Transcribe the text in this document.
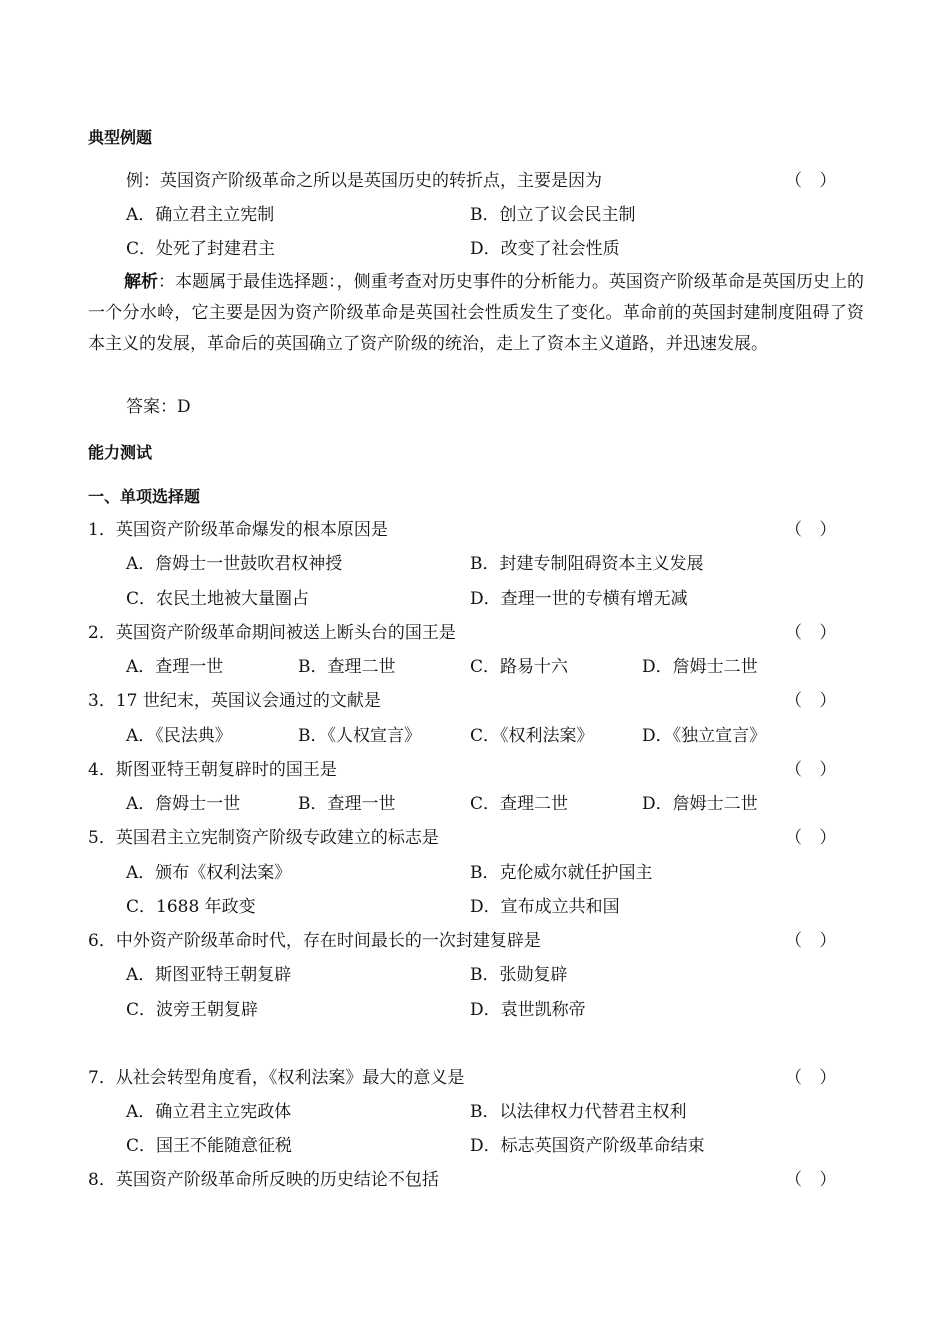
典型例题
例：英国资产阶级革命之所以是英国历史的转折点，主要是因为	（ ）
A．确立君主立宪制	B．创立了议会民主制
C．处死了封建君主	D．改变了社会性质
解析：本题属于最佳选择题：，侧重考查对历史事件的分析能力。英国资产阶级革命是英国历史上的一个分水岭，它主要是因为资产阶级革命是英国社会性质发生了变化。革命前的英国封建制度阻碍了资本主义的发展，革命后的英国确立了资产阶级的统治，走上了资本主义道路，并迅速发展。
答案：D
能力测试
一、单项选择题
1．英国资产阶级革命爆发的根本原因是	（ ）
A．詹姆士一世鼓吹君权神授	B．封建专制阻碍资本主义发展
C．农民土地被大量圈占	D．查理一世的专横有增无减
2．英国资产阶级革命期间被送上断头台的国王是	（ ）
A．查理一世	B．查理二世	C．路易十六	D．詹姆士二世
3．17 世纪末，英国议会通过的文献是	（ ）
A．《民法典》	B．《人权宣言》	C．《权利法案》	D．《独立宣言》
4．斯图亚特王朝复辟时的国王是	（ ）
A．詹姆士一世	B．查理一世	C．查理二世	D．詹姆士二世
5．英国君主立宪制资产阶级专政建立的标志是	（ ）
A．颁布《权利法案》	B．克伦威尔就任护国主
C．1688 年政变	D．宣布成立共和国
6．中外资产阶级革命时代，存在时间最长的一次封建复辟是	（ ）
A．斯图亚特王朝复辟	B．张勋复辟
C．波旁王朝复辟	D．袁世凯称帝
7．从社会转型角度看，《权利法案》最大的意义是	（ ）
A．确立君主立宪政体	B．以法律权力代替君主权利
C．国王不能随意征税	D．标志英国资产阶级革命结束
8．英国资产阶级革命所反映的历史结论不包括	（ ）
